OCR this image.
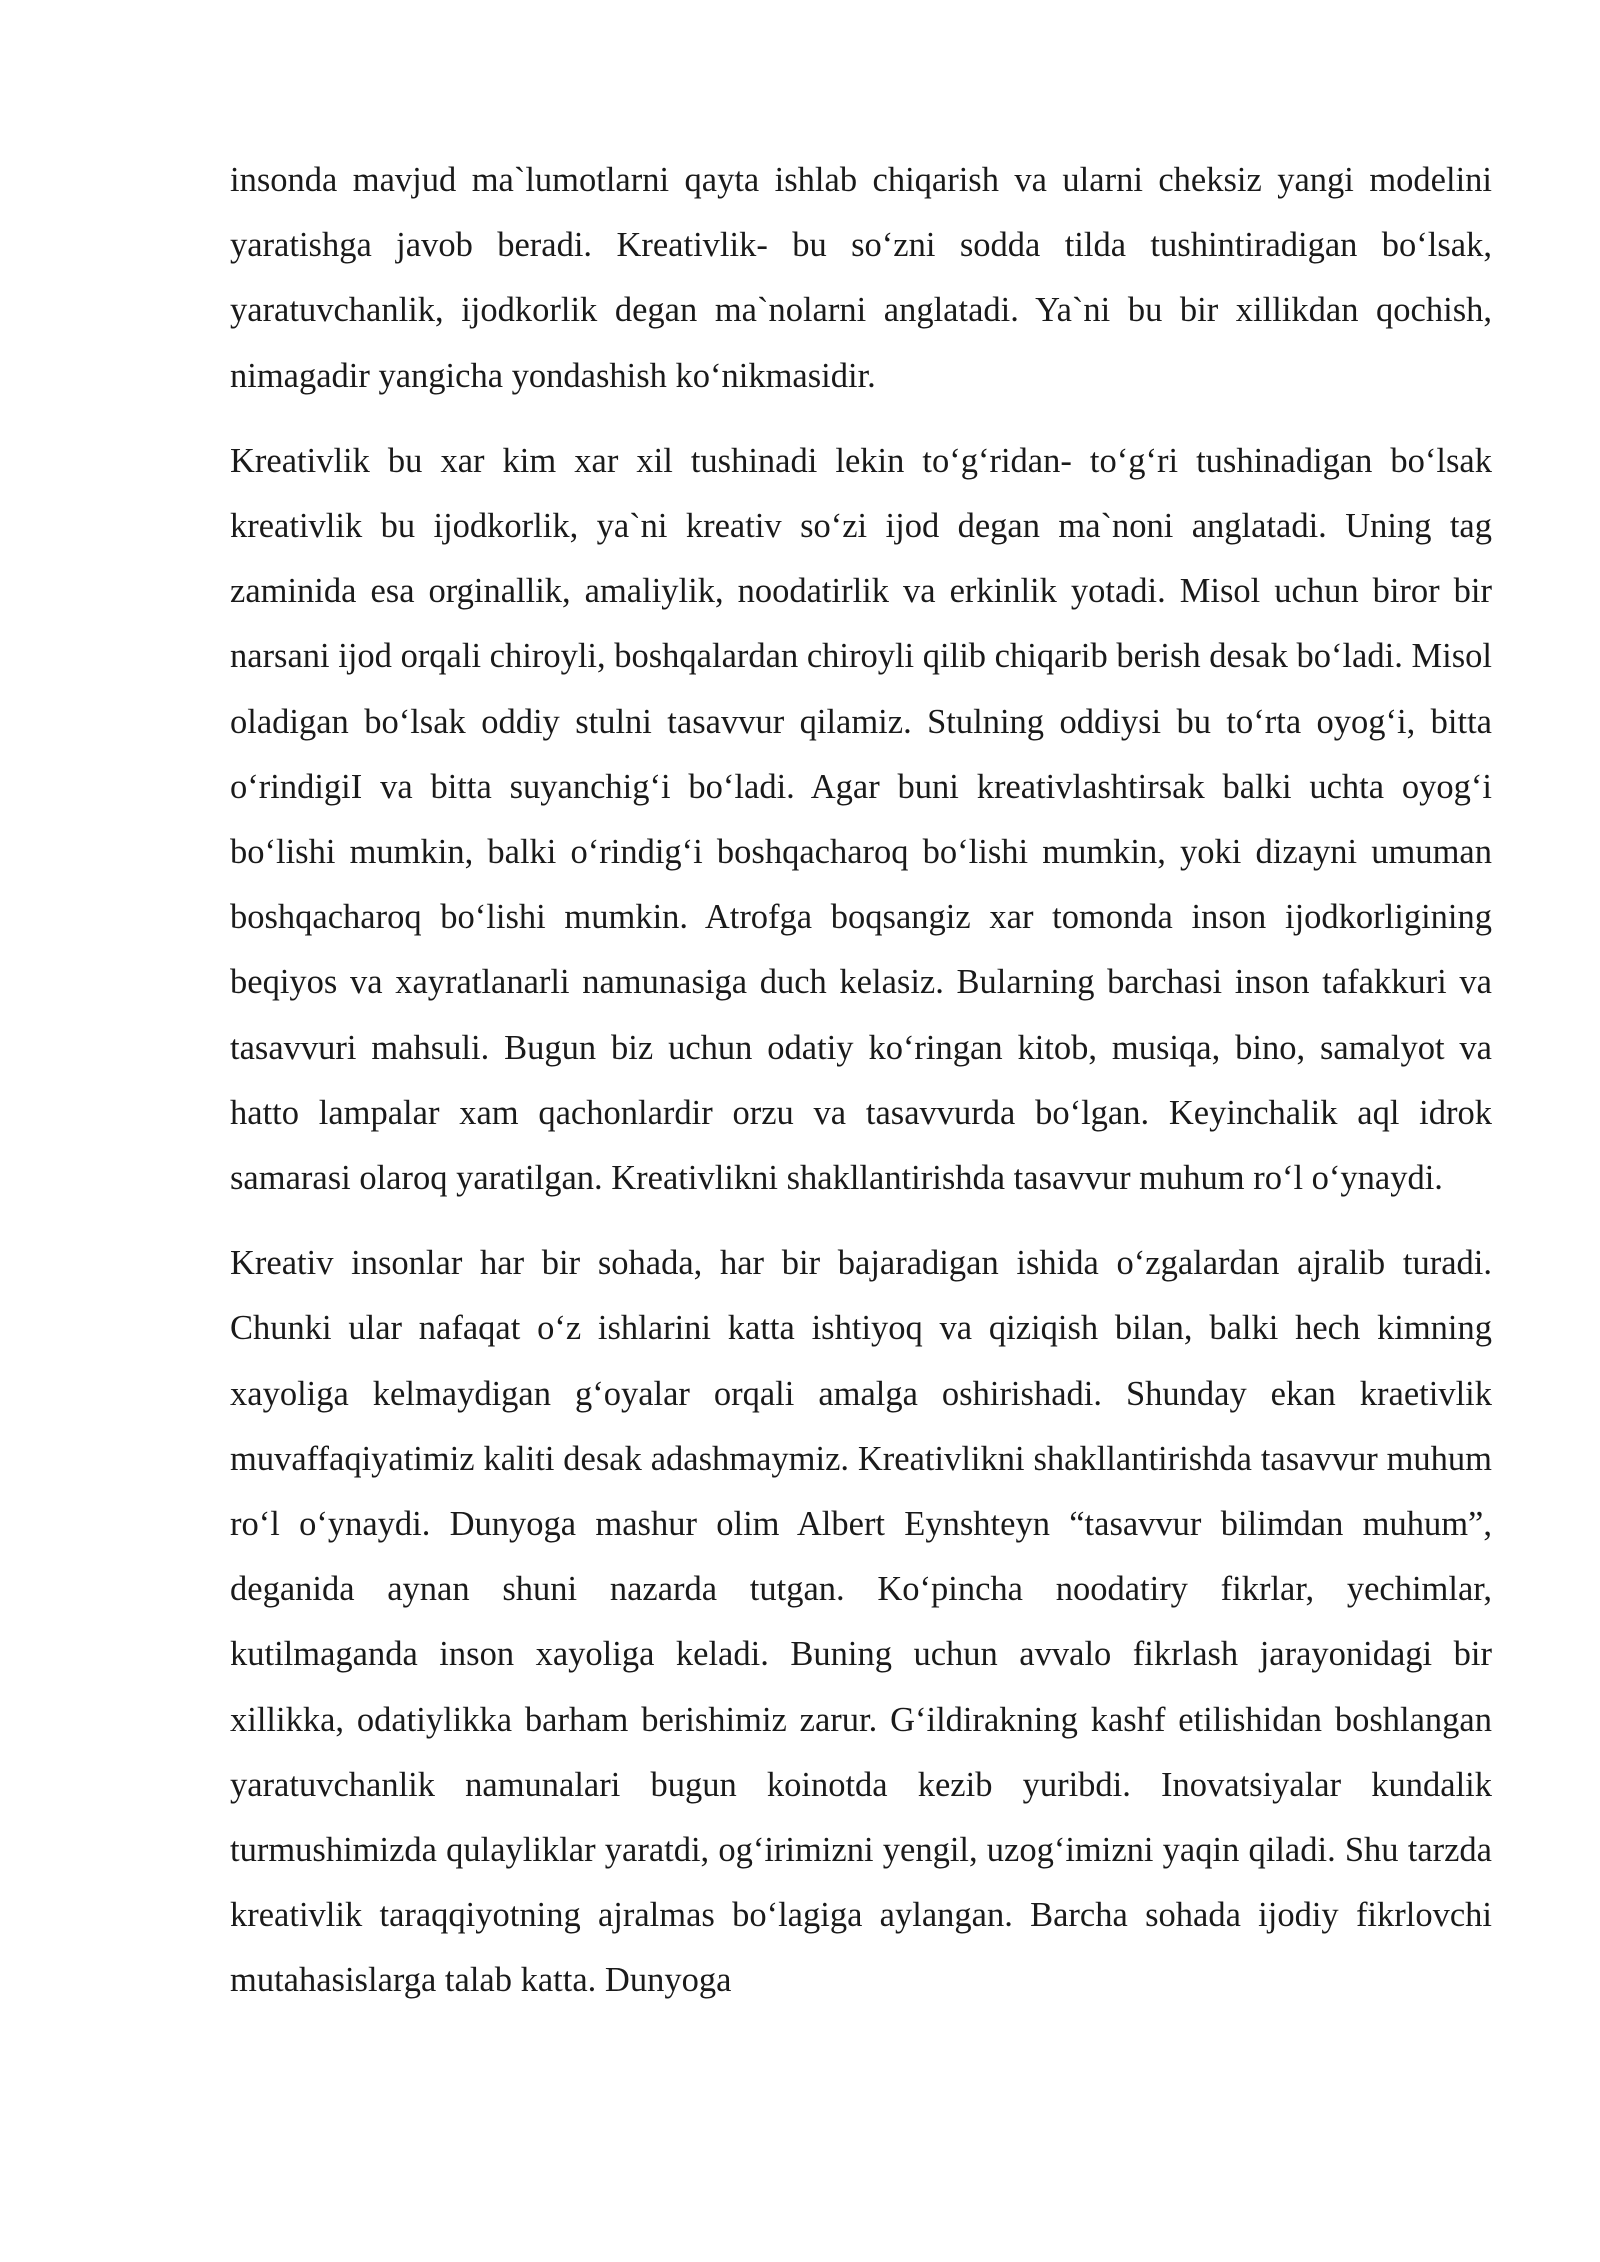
insonda mavjud ma`lumotlarni qayta ishlab chiqarish va ularni cheksiz yangi modelini yaratishga javob beradi. Kreativlik- bu so‘zni sodda tilda tushintiradigan bo‘lsak, yaratuvchanlik, ijodkorlik degan ma`nolarni anglatadi. Ya`ni bu bir xillikdan qochish, nimagadir yangicha yondashish ko‘nikmasidir.

Kreativlik bu xar kim xar xil tushinadi lekin to‘g‘ridan- to‘g‘ri tushinadigan bo‘lsak kreativlik bu ijodkorlik, ya`ni kreativ so‘zi ijod degan ma`noni anglatadi. Uning tag zaminida esa orginallik, amaliylik, noodatirlik va erkinlik yotadi. Misol uchun biror bir narsani ijod orqali chiroyli, boshqalardan chiroyli qilib chiqarib berish desak bo‘ladi. Misol oladigan bo‘lsak oddiy stulni tasavvur qilamiz. Stulning oddiysi bu to‘rta oyog‘i, bitta o‘rindigiI va bitta suyanchig‘i bo‘ladi. Agar buni kreativlashtirsak balki uchta oyog‘i bo‘lishi mumkin, balki o‘rindig‘i boshqacharoq bo‘lishi mumkin, yoki dizayni umuman boshqacharoq bo‘lishi mumkin. Atrofga boqsangiz xar tomonda inson ijodkorligining beqiyos va xayratlanarli namunasiga duch kelasiz. Bularning barchasi inson tafakkuri va tasavvuri mahsuli. Bugun biz uchun odatiy ko‘ringan kitob, musiqa, bino, samalyot va hatto lampalar xam qachonlardir orzu va tasavvurda bo‘lgan. Keyinchalik aql idrok samarasi olaroq yaratilgan. Kreativlikni shakllantirishda tasavvur muhum ro‘l o‘ynaydi.

Kreativ insonlar har bir sohada, har bir bajaradigan ishida o‘zgalardan ajralib turadi. Chunki ular nafaqat o‘z ishlarini katta ishtiyoq va qiziqish bilan, balki hech kimning xayoliga kelmaydigan g‘oyalar orqali amalga oshirishadi. Shunday ekan kraetivlik muvaffaqiyatimiz kaliti desak adashmaymiz. Kreativlikni shakllantirishda tasavvur muhum ro‘l o‘ynaydi. Dunyoga mashur olim Albert Eynshteyn “tasavvur bilimdan muhum”, deganida aynan shuni nazarda tutgan. Ko‘pincha noodatiry fikrlar, yechimlar, kutilmaganda inson xayoliga keladi. Buning uchun avvalo fikrlash jarayonidagi bir xillikka, odatiylikka barham berishimiz zarur. G‘ildirakning kashf etilishidan boshlangan yaratuvchanlik namunalari bugun koinotda kezib yuribdi. Inovatsiyalar kundalik turmushimizda qulayliklar yaratdi, og‘irimizni yengil, uzog‘imizni yaqin qiladi. Shu tarzda kreativlik taraqqiyotning ajralmas bo‘lagiga aylangan. Barcha sohada ijodiy fikrlovchi mutahasislarga talab katta. Dunyoga
